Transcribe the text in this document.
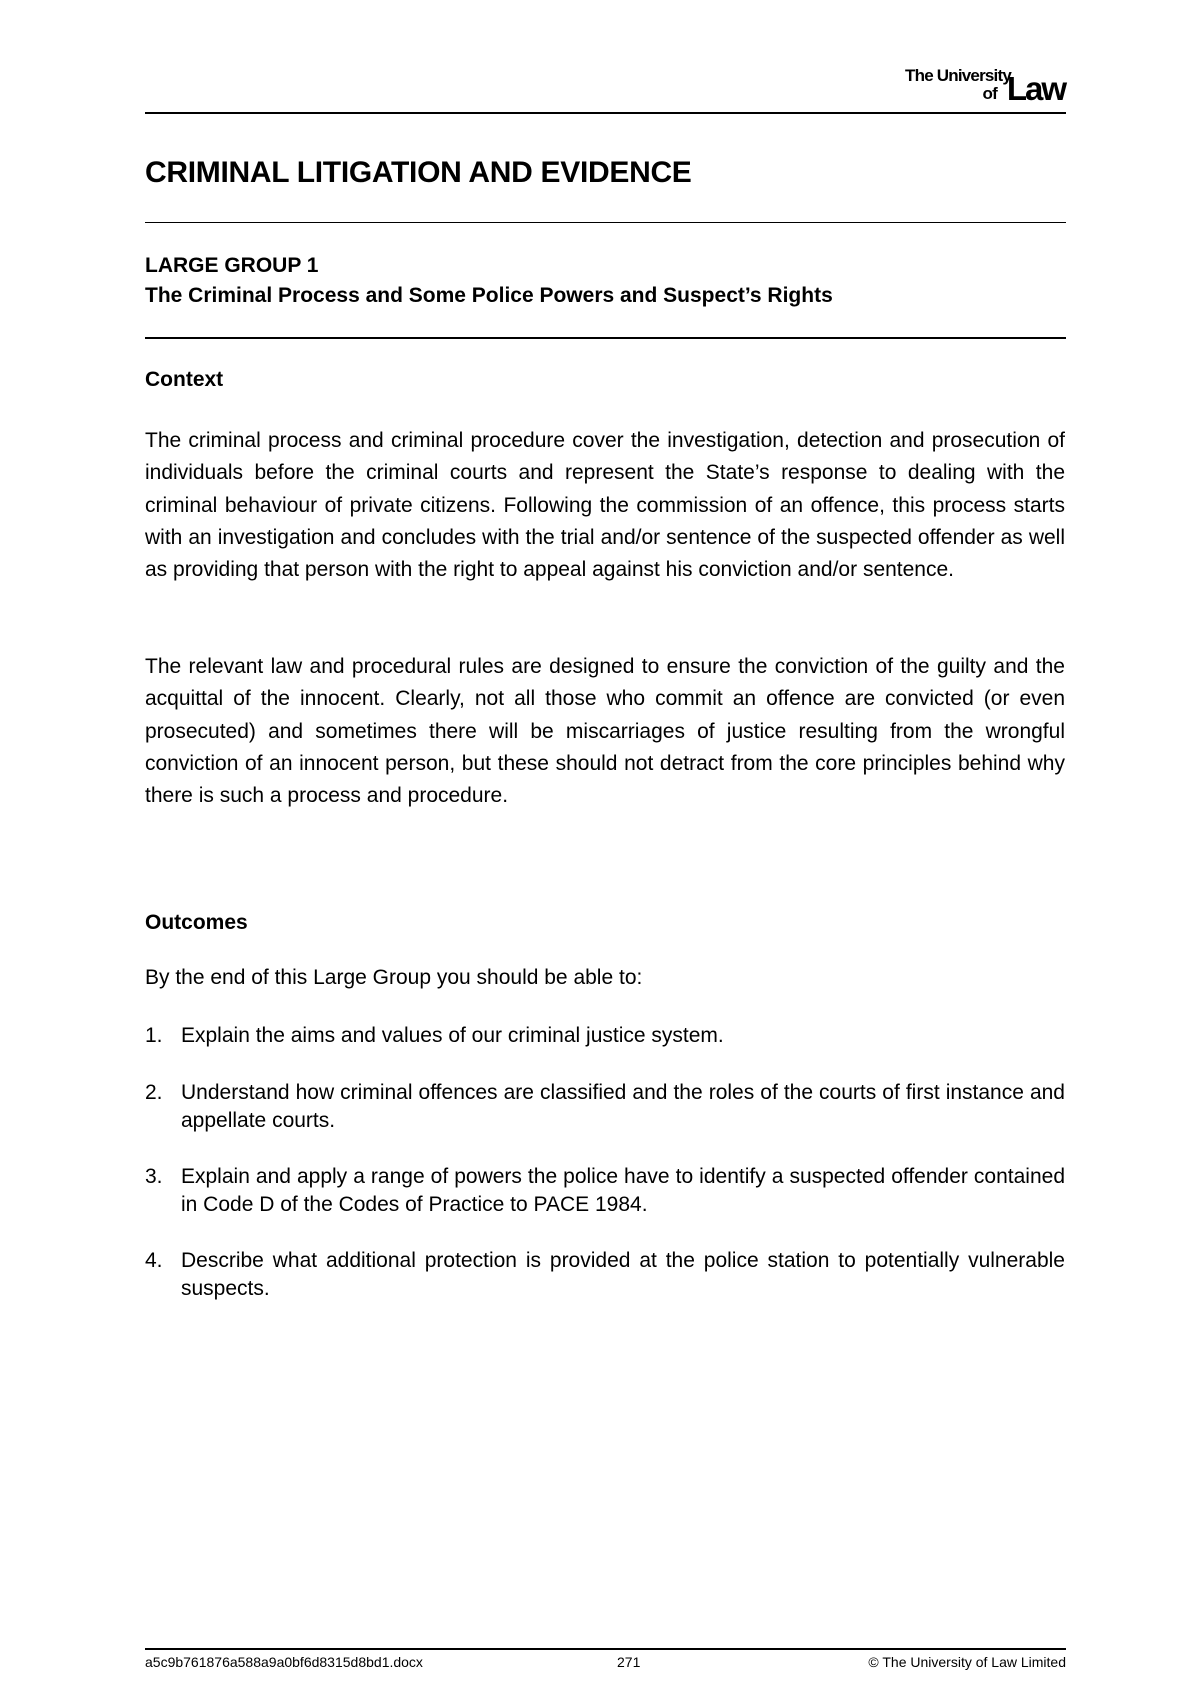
The University
of Law
CRIMINAL LITIGATION AND EVIDENCE
LARGE GROUP 1
The Criminal Process and Some Police Powers and Suspect’s Rights
Context

The criminal process and criminal procedure cover the investigation, detection and prosecution of individuals before the criminal courts and represent the State’s response to dealing with the criminal behaviour of private citizens. Following the commission of an offence, this process starts with an investigation and concludes with the trial and/or sentence of the suspected offender as well as providing that person with the right to appeal against his conviction and/or sentence.

The relevant law and procedural rules are designed to ensure the conviction of the guilty and the acquittal of the innocent. Clearly, not all those who commit an offence are convicted (or even prosecuted) and sometimes there will be miscarriages of justice resulting from the wrongful conviction of an innocent person, but these should not detract from the core principles behind why there is such a process and procedure.

Outcomes

By the end of this Large Group you should be able to:

1. Explain the aims and values of our criminal justice system.
2. Understand how criminal offences are classified and the roles of the courts of first instance and appellate courts.
3. Explain and apply a range of powers the police have to identify a suspected offender contained in Code D of the Codes of Practice to PACE 1984.
4. Describe what additional protection is provided at the police station to potentially vulnerable suspects.
a5c9b761876a588a9a0bf6d8315d8bd1.docx	271	© The University of Law Limited
